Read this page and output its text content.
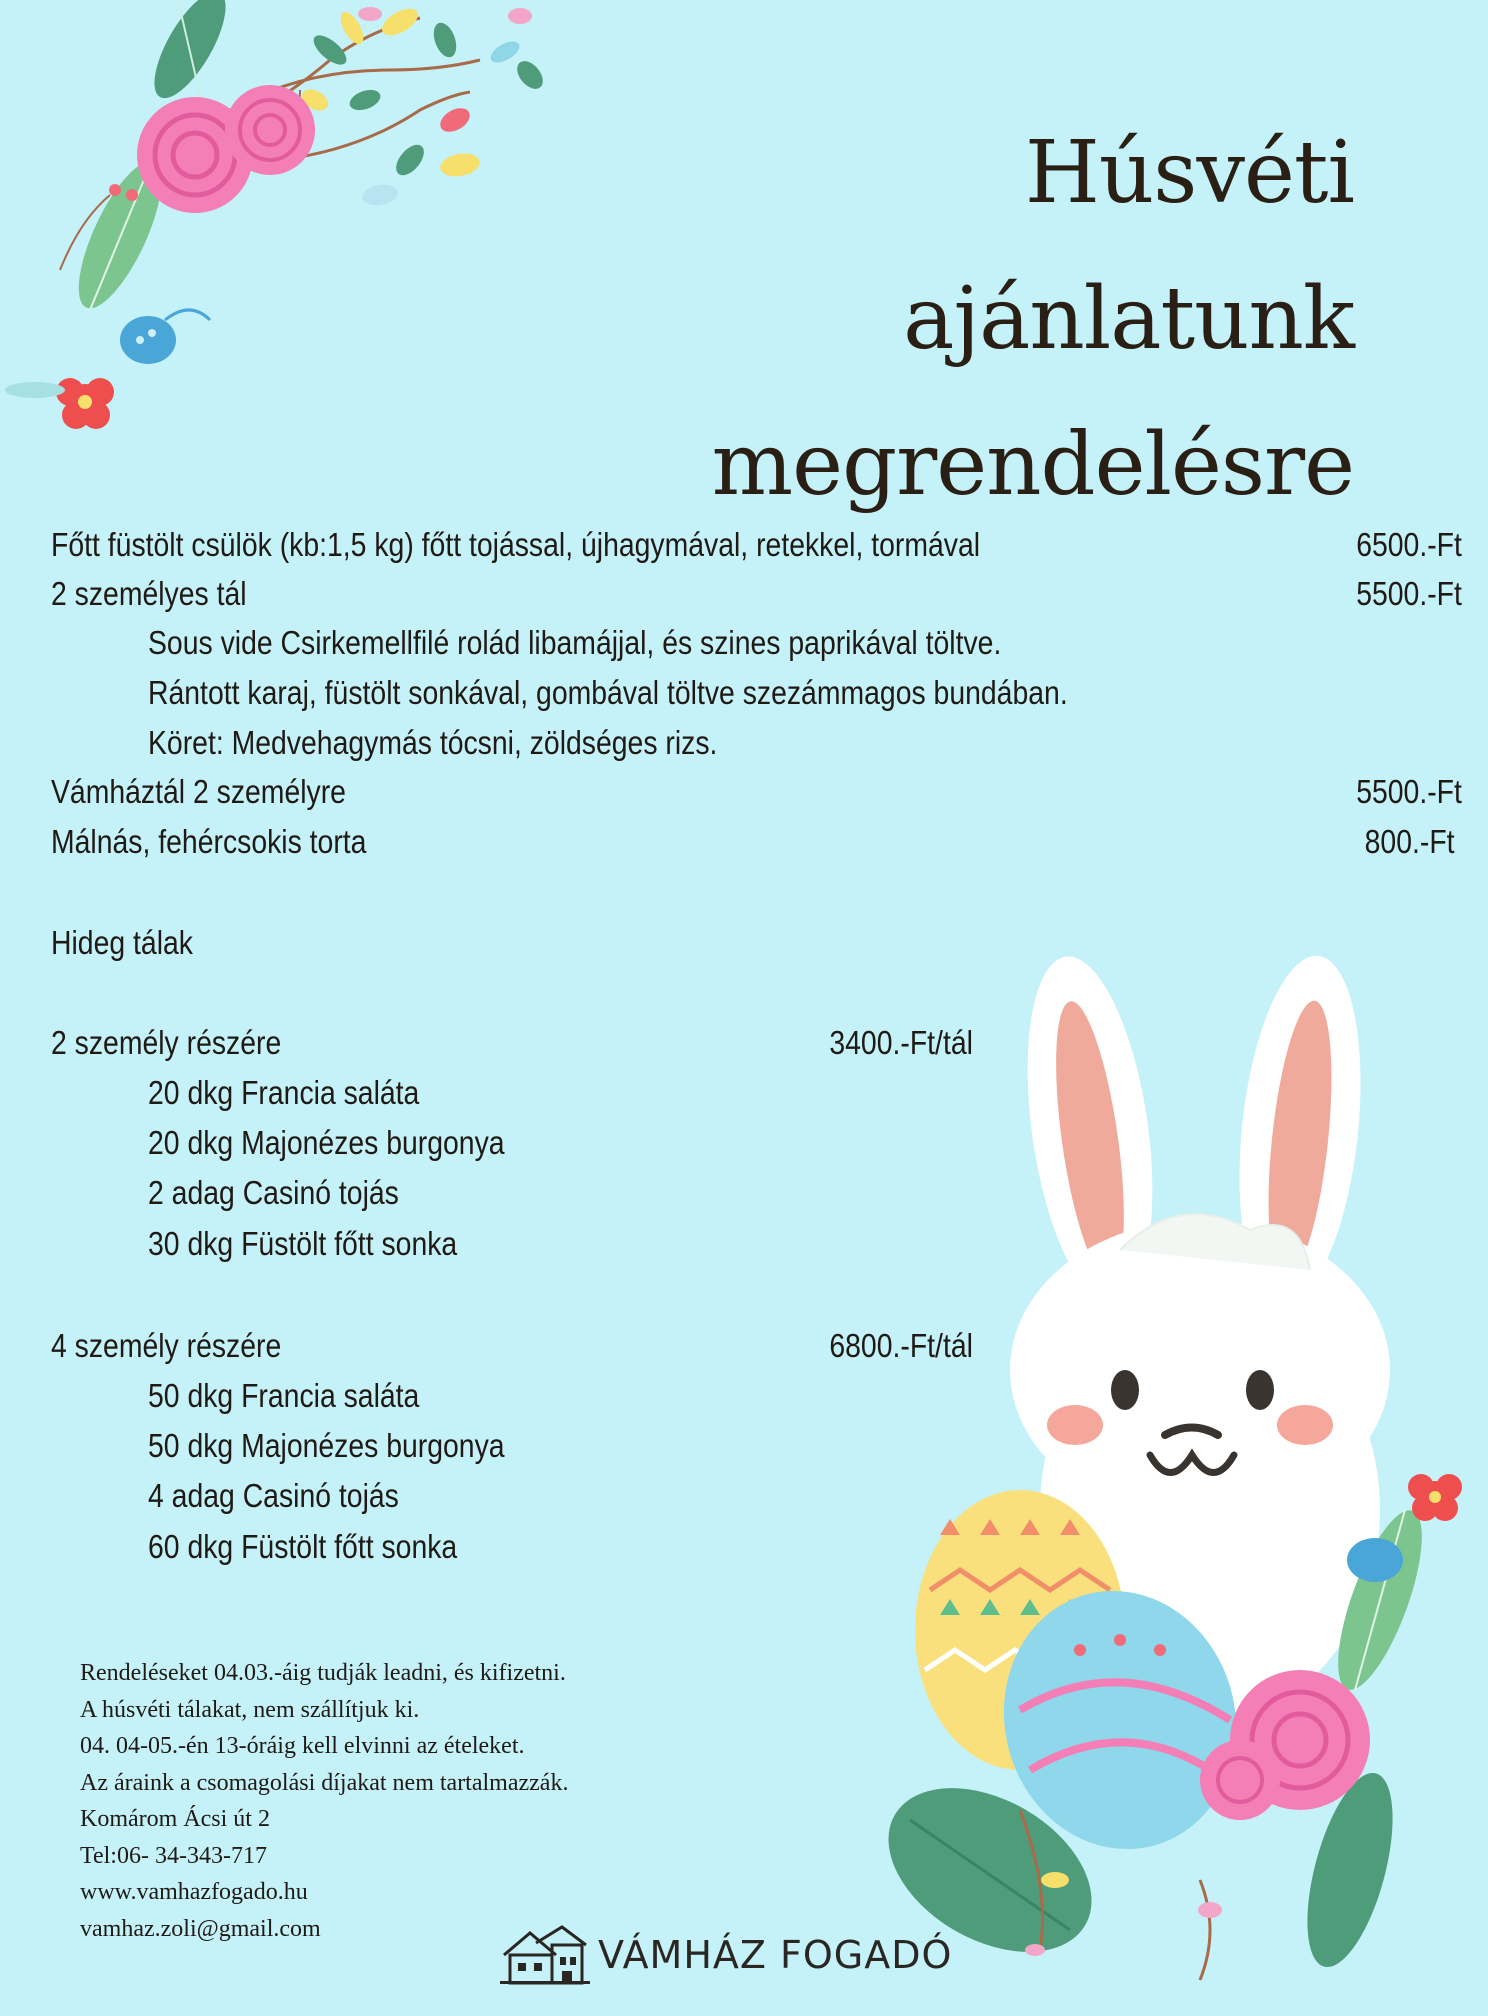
Húsvéti
ajánlatunk
megrendelésre
Főtt füstölt csülök (kb:1,5 kg) főtt tojással, újhagymával, retekkel, tormával	6500.-Ft
2 személyes tál	5500.-Ft
Sous vide Csirkemellfilé rolád libamájjal, és szines paprikával töltve.
Rántott karaj, füstölt sonkával, gombával töltve szezámmagos bundában.
Köret: Medvehagymás tócsni, zöldséges rizs.
Vámháztál 2 személyre	5500.-Ft
Málnás, fehércsokis torta	800.-Ft
Hideg tálak
2 személy részére	3400.-Ft/tál
20 dkg Francia saláta
20 dkg Majonézes burgonya
2 adag Casinó tojás
30 dkg Füstölt főtt sonka
4 személy részére	6800.-Ft/tál
50 dkg Francia saláta
50 dkg Majonézes burgonya
4 adag Casinó tojás
60 dkg Füstölt főtt sonka
Rendeléseket 04.03.-áig tudják leadni, és kifizetni.
A húsvéti tálakat, nem szállítjuk ki.
04. 04-05.-én 13-óráig kell elvinni az ételeket.
Az áraink a csomagolási díjakat nem tartalmazzák.
Komárom Ácsi út 2
Tel:06- 34-343-717
www.vamhazfogado.hu
vamhaz.zoli@gmail.com
VÁMHÁZ FOGADÓ
